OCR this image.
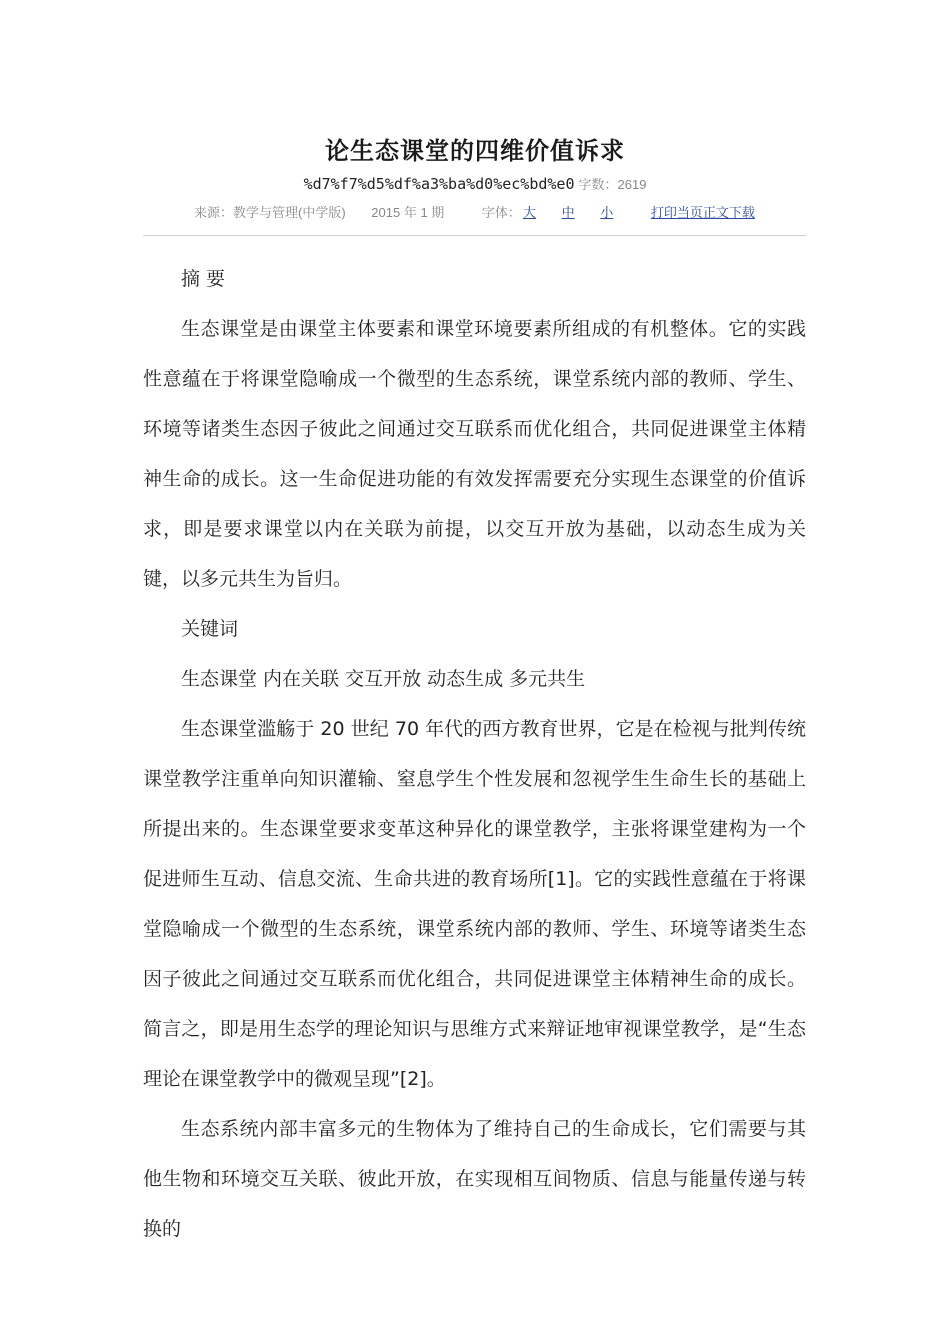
论生态课堂的四维价值诉求
%d7%f7%d5%df%a3%ba%d0%ec%bd%e0 字数：2619
来源：教学与管理(中学版) 2015 年 1 期	字体： 大 中 小	打印当页正文下载

摘 要

生态课堂是由课堂主体要素和课堂环境要素所组成的有机整体。它的实践性意蕴在于将课堂隐喻成一个微型的生态系统，课堂系统内部的教师、学生、环境等诸类生态因子彼此之间通过交互联系而优化组合，共同促进课堂主体精神生命的成长。这一生命促进功能的有效发挥需要充分实现生态课堂的价值诉求，即是要求课堂以内在关联为前提，以交互开放为基础，以动态生成为关键，以多元共生为旨归。

关键词

生态课堂 内在关联 交互开放 动态生成 多元共生

生态课堂滥觞于 20 世纪 70 年代的西方教育世界，它是在检视与批判传统课堂教学注重单向知识灌输、窒息学生个性发展和忽视学生生命生长的基础上所提出来的。生态课堂要求变革这种异化的课堂教学，主张将课堂建构为一个促进师生互动、信息交流、生命共进的教育场所[1]。它的实践性意蕴在于将课堂隐喻成一个微型的生态系统，课堂系统内部的教师、学生、环境等诸类生态因子彼此之间通过交互联系而优化组合，共同促进课堂主体精神生命的成长。简言之，即是用生态学的理论知识与思维方式来辩证地审视课堂教学，是“生态理论在课堂教学中的微观呈现”[2]。

生态系统内部丰富多元的生物体为了维持自己的生命成长，它们需要与其他生物和环境交互关联、彼此开放，在实现相互间物质、信息与能量传递与转换的
